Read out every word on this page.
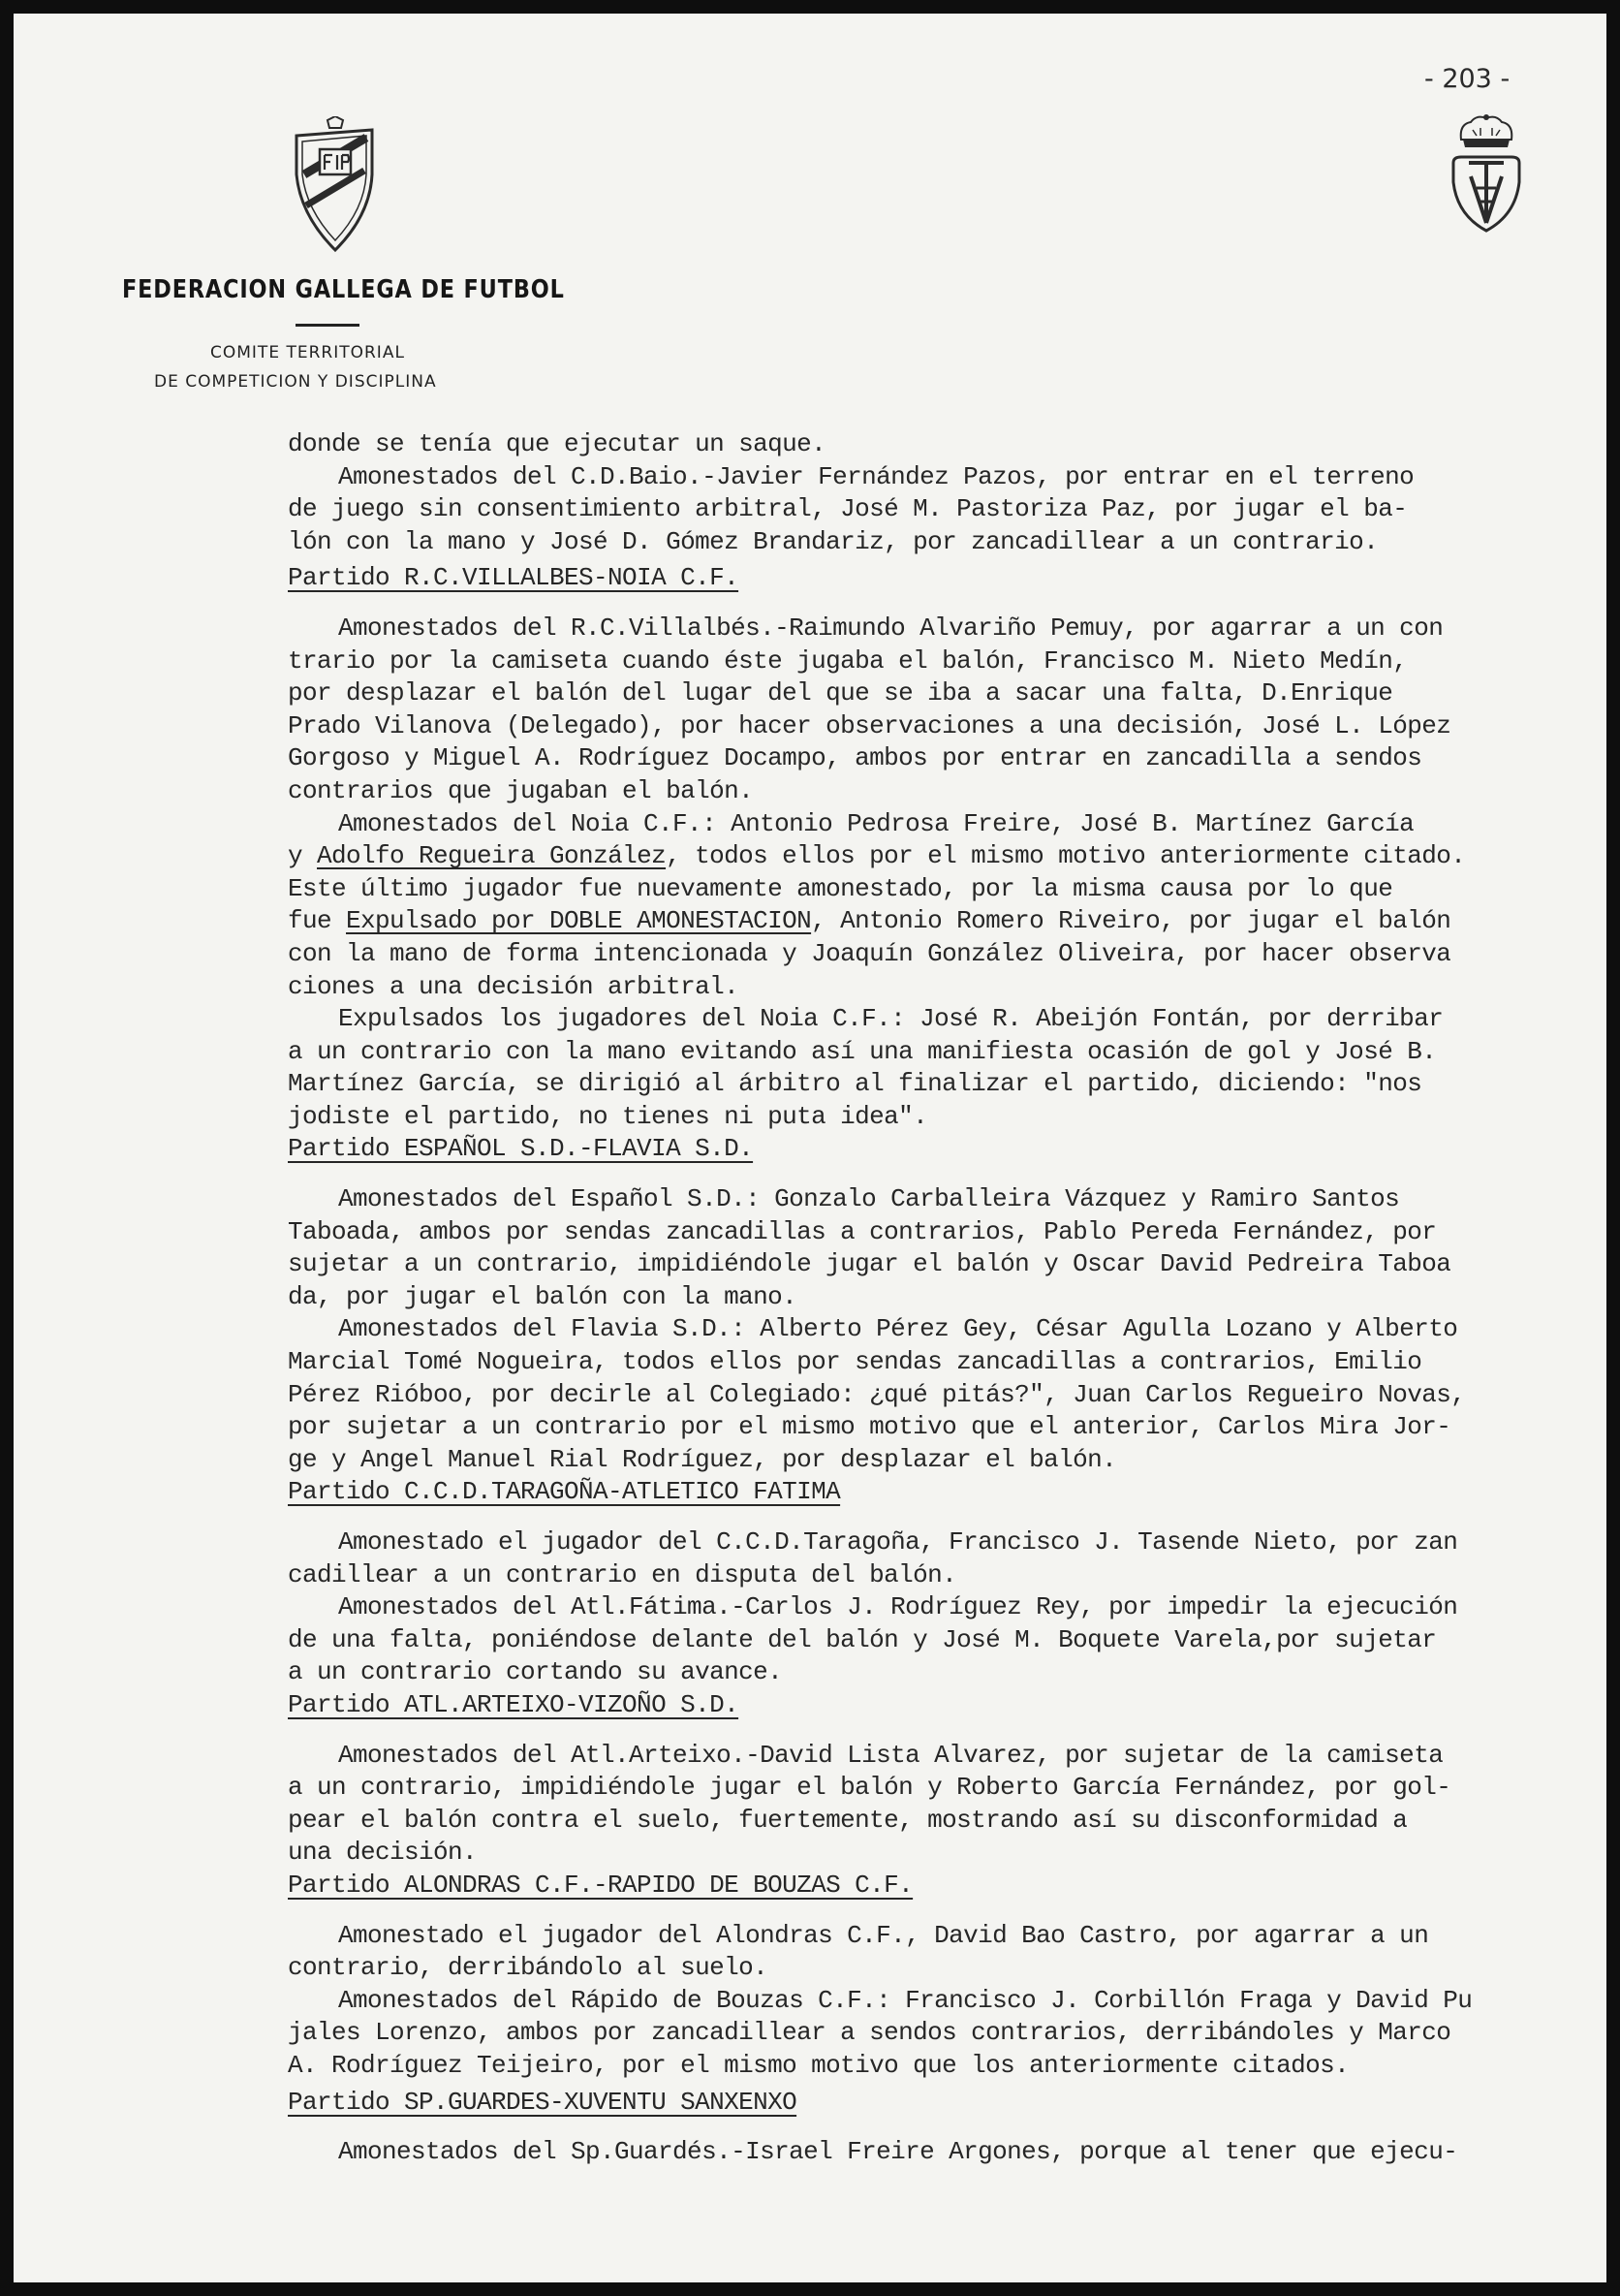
- 203 -
FEDERACION GALLEGA DE FUTBOL
COMITE TERRITORIAL
DE COMPETICION Y DISCIPLINA

donde se tenía que ejecutar un saque.

Amonestados del C.D.Baio.-Javier Fernández Pazos, por entrar en el terreno

de juego sin consentimiento arbitral, José M. Pastoriza Paz, por jugar el ba-

lón con la mano y José D. Gómez Brandariz, por zancadillear a un contrario.

Partido R.C.VILLALBES-NOIA C.F.

Amonestados del R.C.Villalbés.-Raimundo Alvariño Pemuy, por agarrar a un con

trario por la camiseta cuando éste jugaba el balón, Francisco M. Nieto Medín,

por desplazar el balón del lugar del que se iba a sacar una falta, D.Enrique

Prado Vilanova (Delegado), por hacer observaciones a una decisión, José L. López

Gorgoso y Miguel A. Rodríguez Docampo, ambos por entrar en zancadilla a sendos

contrarios que jugaban el balón.

Amonestados del Noia C.F.: Antonio Pedrosa Freire, José B. Martínez García

y Adolfo Regueira González, todos ellos por el mismo motivo anteriormente citado.

Este último jugador fue nuevamente amonestado, por la misma causa por lo que

fue Expulsado por DOBLE AMONESTACION, Antonio Romero Riveiro, por jugar el balón

con la mano de forma intencionada y Joaquín González Oliveira, por hacer observa

ciones a una decisión arbitral.

Expulsados los jugadores del Noia C.F.: José R. Abeijón Fontán, por derribar

a un contrario con la mano evitando así una manifiesta ocasión de gol y José B.

Martínez García, se dirigió al árbitro al finalizar el partido, diciendo: "nos

jodiste el partido, no tienes ni puta idea".

Partido ESPAÑOL S.D.-FLAVIA S.D.

Amonestados del Español S.D.: Gonzalo Carballeira Vázquez y Ramiro Santos

Taboada, ambos por sendas zancadillas a contrarios, Pablo Pereda Fernández, por

sujetar a un contrario, impidiéndole jugar el balón y Oscar David Pedreira Taboa

da, por jugar el balón con la mano.

Amonestados del Flavia S.D.: Alberto Pérez Gey, César Agulla Lozano y Alberto

Marcial Tomé Nogueira, todos ellos por sendas zancadillas a contrarios, Emilio

Pérez Rióboo, por decirle al Colegiado: ¿qué pitás?", Juan Carlos Regueiro Novas,

por sujetar a un contrario por el mismo motivo que el anterior, Carlos Mira Jor-

ge y Angel Manuel Rial Rodríguez, por desplazar el balón.

Partido C.C.D.TARAGOÑA-ATLETICO FATIMA

Amonestado el jugador del C.C.D.Taragoña, Francisco J. Tasende Nieto, por zan

cadillear a un contrario en disputa del balón.

Amonestados del Atl.Fátima.-Carlos J. Rodríguez Rey, por impedir la ejecución

de una falta, poniéndose delante del balón y José M. Boquete Varela,por sujetar

a un contrario cortando su avance.

Partido ATL.ARTEIXO-VIZOÑO S.D.

Amonestados del Atl.Arteixo.-David Lista Alvarez, por sujetar de la camiseta

a un contrario, impidiéndole jugar el balón y Roberto García Fernández, por gol-

pear el balón contra el suelo, fuertemente, mostrando así su disconformidad a

una decisión.

Partido ALONDRAS C.F.-RAPIDO DE BOUZAS C.F.

Amonestado el jugador del Alondras C.F., David Bao Castro, por agarrar a un

contrario, derribándolo al suelo.

Amonestados del Rápido de Bouzas C.F.: Francisco J. Corbillón Fraga y David Pu

jales Lorenzo, ambos por zancadillear a sendos contrarios, derribándoles y Marco

A. Rodríguez Teijeiro, por el mismo motivo que los anteriormente citados.

Partido SP.GUARDES-XUVENTU SANXENXO

Amonestados del Sp.Guardés.-Israel Freire Argones, porque al tener que ejecu-
